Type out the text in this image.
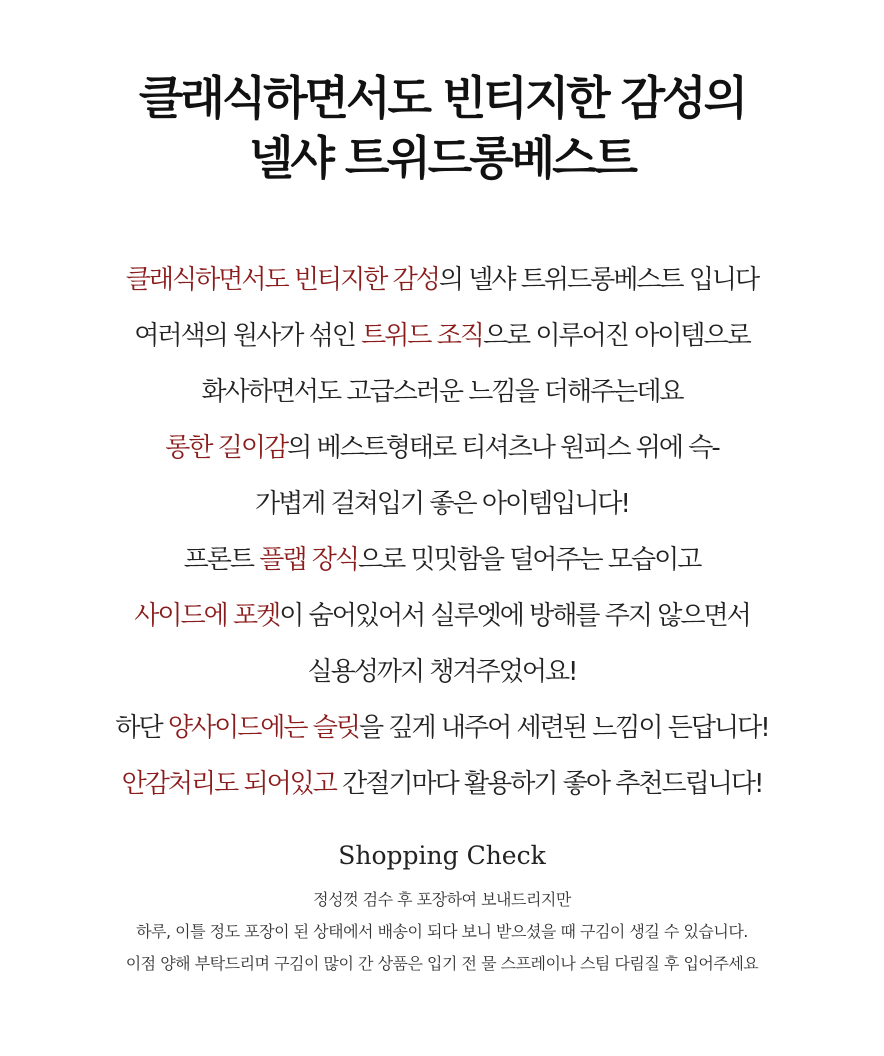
클래식하면서도 빈티지한 감성의
넬샤 트위드롱베스트
클래식하면서도 빈티지한 감성의 넬샤 트위드롱베스트 입니다
여러색의 원사가 섞인 트위드 조직으로 이루어진 아이템으로
화사하면서도 고급스러운 느낌을 더해주는데요
롱한 길이감의 베스트형태로 티셔츠나 원피스 위에 슥-
가볍게 걸쳐입기 좋은 아이템입니다!
프론트 플랩 장식으로 밋밋함을 덜어주는 모습이고
사이드에 포켓이 숨어있어서 실루엣에 방해를 주지 않으면서
실용성까지 챙겨주었어요!
하단 양사이드에는 슬릿을 깊게 내주어 세련된 느낌이 든답니다!
안감처리도 되어있고 간절기마다 활용하기 좋아 추천드립니다!
Shopping Check
정성껏 검수 후 포장하여 보내드리지만
하루, 이틀 정도 포장이 된 상태에서 배송이 되다 보니 받으셨을 때 구김이 생길 수 있습니다.
이점 양해 부탁드리며 구김이 많이 간 상품은 입기 전 물 스프레이나 스팀 다림질 후 입어주세요
